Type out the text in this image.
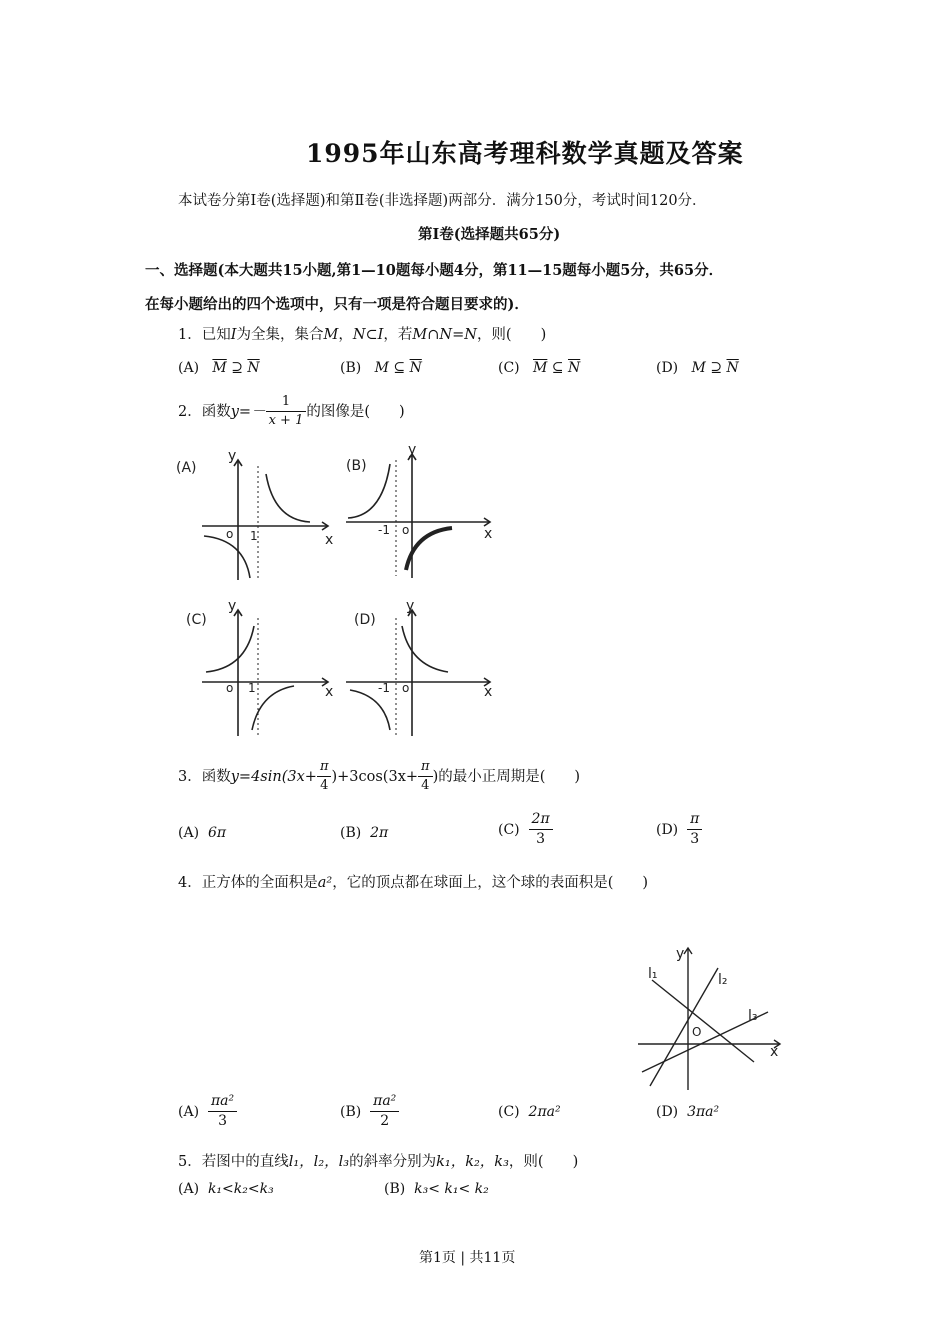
1995年山东高考理科数学真题及答案
本试卷分第Ⅰ卷(选择题)和第Ⅱ卷(非选择题)两部分．满分150分，考试时间120分．
第Ⅰ卷(选择题共65分)
一、选择题(本大题共15小题,第1—10题每小题4分，第11—15题每小题5分，共65分．
在每小题给出的四个选项中，只有一项是符合题目要求的)．
1．已知I为全集，集合M，N⊂I，若M∩N=N，则(　　)
(A) $\overline{M}$ ⊇ $\overline{N}$	(B) M ⊆ $\overline{N}$	(C) $\overline{M}$ ⊆ $\overline{N}$	(D) M ⊇ $\overline{N}$
2．函数$y=- \frac{1}{x + 1}$ 的图像是(　　)
(A)
y
o 1	x
(B)
y
-1 o	x
(C)
y
o 1	x
(D)
y
-1 o	x
3．函数$y=4\sin(3x+ \frac{\pi}{4} )+3\cos(3x+ \frac{\pi}{4}$ )的最小正周期是(　　)
(A) 6π	(B) 2π	$(C) \frac{2\pi}{3}$	$(D) \frac{\pi}{3}$
4．正方体的全面积是a²，它的顶点都在球面上，这个球的表面积是(　　)
y
l₁	l₂
l₃
O
x
$(A) \frac{\text{πa²}}{3}$	$(B) \frac{\text{πa²}}{2}$	(C) 2πa²	(D) 3πa²
5．若图中的直线l₁，l₂，l₃的斜率分别为k₁，k₂，k₃，则(　　)
(A) k₁<k₂<k₃	(B) k₃< k₁< k₂
第1页 | 共11页
